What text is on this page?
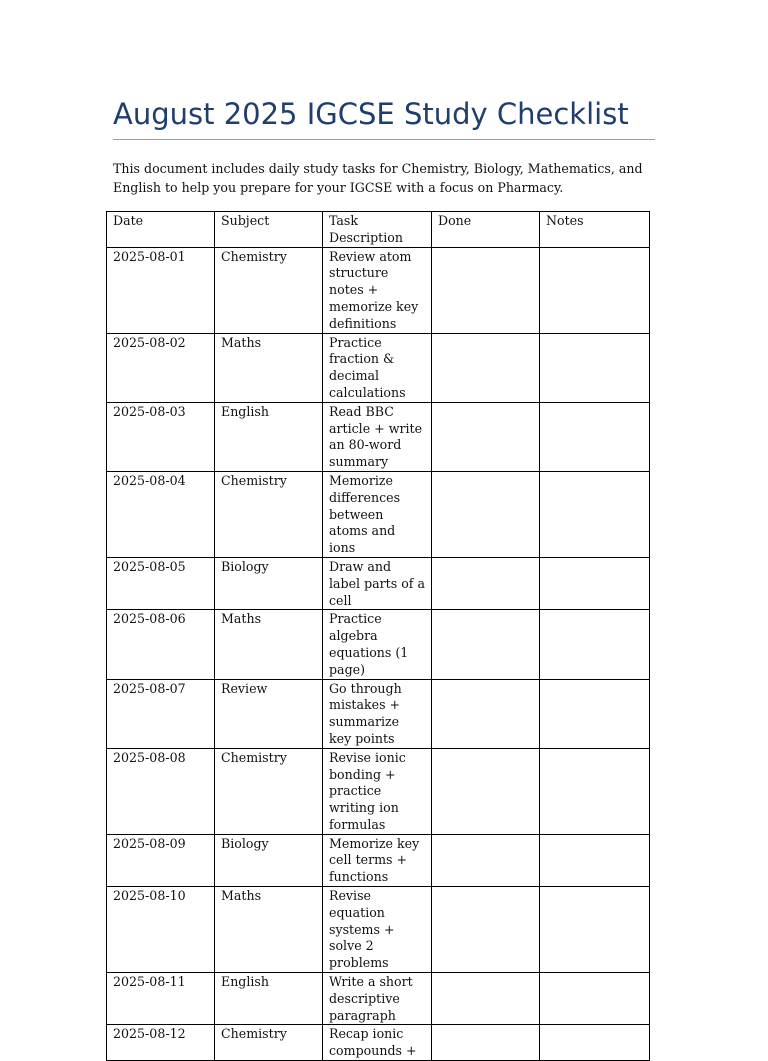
August 2025 IGCSE Study Checklist

This document includes daily study tasks for Chemistry, Biology, Mathematics, and English to help you prepare for your IGCSE with a focus on Pharmacy.

Date	Subject	Task Description	Done	Notes
2025-08-01	Chemistry	Review atom structure notes + memorize key definitions		
2025-08-02	Maths	Practice fraction & decimal calculations		
2025-08-03	English	Read BBC article + write an 80-word summary		
2025-08-04	Chemistry	Memorize differences between atoms and ions		
2025-08-05	Biology	Draw and label parts of a cell		
2025-08-06	Maths	Practice algebra equations (1 page)		
2025-08-07	Review	Go through mistakes + summarize key points		
2025-08-08	Chemistry	Revise ionic bonding + practice writing ion formulas		
2025-08-09	Biology	Memorize key cell terms + functions		
2025-08-10	Maths	Revise equation systems + solve 2 problems		
2025-08-11	English	Write a short descriptive paragraph		
2025-08-12	Chemistry	Recap ionic compounds +		
